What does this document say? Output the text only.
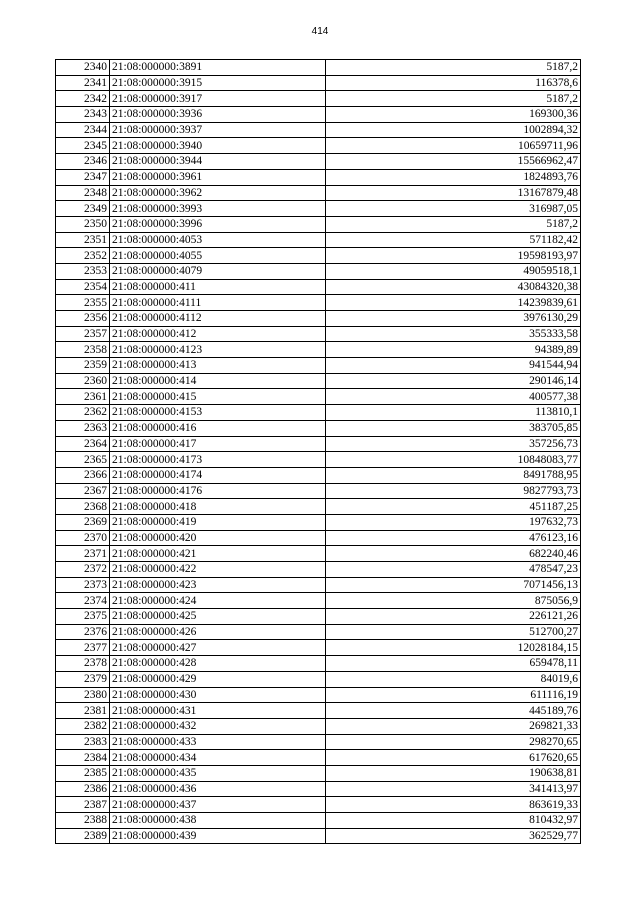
414
2340	21:08:000000:3891	5187,2
2341	21:08:000000:3915	116378,6
2342	21:08:000000:3917	5187,2
2343	21:08:000000:3936	169300,36
2344	21:08:000000:3937	1002894,32
2345	21:08:000000:3940	10659711,96
2346	21:08:000000:3944	15566962,47
2347	21:08:000000:3961	1824893,76
2348	21:08:000000:3962	13167879,48
2349	21:08:000000:3993	316987,05
2350	21:08:000000:3996	5187,2
2351	21:08:000000:4053	571182,42
2352	21:08:000000:4055	19598193,97
2353	21:08:000000:4079	49059518,1
2354	21:08:000000:411	43084320,38
2355	21:08:000000:4111	14239839,61
2356	21:08:000000:4112	3976130,29
2357	21:08:000000:412	355333,58
2358	21:08:000000:4123	94389,89
2359	21:08:000000:413	941544,94
2360	21:08:000000:414	290146,14
2361	21:08:000000:415	400577,38
2362	21:08:000000:4153	113810,1
2363	21:08:000000:416	383705,85
2364	21:08:000000:417	357256,73
2365	21:08:000000:4173	10848083,77
2366	21:08:000000:4174	8491788,95
2367	21:08:000000:4176	9827793,73
2368	21:08:000000:418	451187,25
2369	21:08:000000:419	197632,73
2370	21:08:000000:420	476123,16
2371	21:08:000000:421	682240,46
2372	21:08:000000:422	478547,23
2373	21:08:000000:423	7071456,13
2374	21:08:000000:424	875056,9
2375	21:08:000000:425	226121,26
2376	21:08:000000:426	512700,27
2377	21:08:000000:427	12028184,15
2378	21:08:000000:428	659478,11
2379	21:08:000000:429	84019,6
2380	21:08:000000:430	611116,19
2381	21:08:000000:431	445189,76
2382	21:08:000000:432	269821,33
2383	21:08:000000:433	298270,65
2384	21:08:000000:434	617620,65
2385	21:08:000000:435	190638,81
2386	21:08:000000:436	341413,97
2387	21:08:000000:437	863619,33
2388	21:08:000000:438	810432,97
2389	21:08:000000:439	362529,77
